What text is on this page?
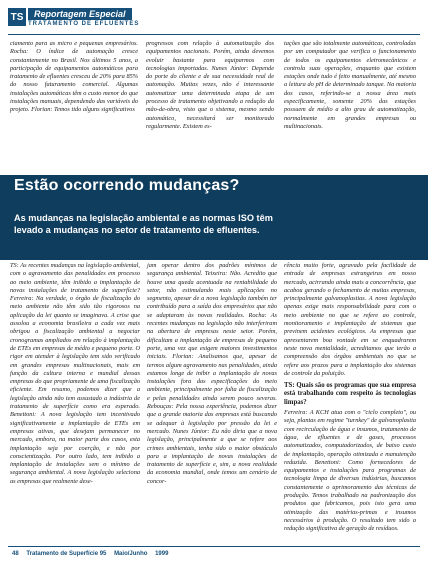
TS	Reportagem Especial
TRATAMENTO DE EFLUENTES

ciamento para as micro e pequenas empresários. Rocha: O índice de automação cresce constantemente no Brasil. Nos últimos 5 anos, a participação de equipamentos automáticos para tratamento de efluentes cresceu de 20% para 85% do nosso faturamento comercial. Algumas instalações automáticas têm o custo menor do que instalações manuais, dependendo das variáveis do projeto. Florian: Temos tido alguns significativos

progressos com relação à automatização dos equipamentos nacionais. Porém, ainda devemos evoluir bastante para equiparmos com tecnologias importadas. Nunes Júnior: Depende do porte do cliente e de sua necessidade real de automação. Muitas vezes, não é interessante automatizar uma determinada etapa de um processo de tratamento objetivando a redução da mão-de-obra, visto que o sistema, mesmo sendo automático, necessitará ser monitorado regularmente. Existem es-

tações que são totalmente automáticas, controladas por um computador que verifica o funcionamento de todos os equipamentos eletromecânicos e controla suas operações, enquanto que existem estações onde tudo é feito manualmente, até mesmo a leitura do pH de determinado tanque. Na maioria dos casos, referindo-se a nossa área mais especificamente, somente 20% das estações possuem de médio a alto grau de automatização, normalmente em grandes empresas ou multinacionais.

Estão ocorrendo mudanças?
As mudanças na legislação ambiental e as normas ISO têm levado a mudanças no setor de tratamento de efluentes.

TS: As recentes mudanças na legislação ambiental, com o agravamento das penalidades em processo ao meio ambiente, têm inibido a implantação de novas instalações de tratamento de superfície? Ferreira: Na verdade, o órgão de fiscalização do meio ambiente não têm sido tão rigorosos na aplicação da lei quanto se imaginava. A crise que assolou a economia brasileira a cada vez mais obrigou a fiscalização ambiental a negociar cronogramas ampliados em relação à implantação de ETEs em empresas de médio e pequeno porte. O rigor em atender à legislação tem sido verificado em grandes empresas multinacionais, mais em função da cultura interna e mundial dessas empresas do que propriamente de uma fiscalização eficiente. Em resumo, podemos dizer que a legislação ainda não tem assustado a indústria de tratamento de superfície como era esperado. Benettoni: A nova legislação tem incentivado significativamente a implantação de ETEs em empresas ativas, que desejam permanecer no mercado, embora, na maior parte dos casos, esta implantação seja por coerção, e não por conscientização. Por outro lado, tem inibido a implantação de instalações sem o mínimo de segurança ambiental. A nova legislação seleciona as empresas que realmente dese-

jam operar dentro dos padrões mínimos de segurança ambiental. Teixeira: Não. Acredito que houve uma queda acentuada na rentabilidade do setor, não estimulando mais aplicações no segmento, apesar de a nova legislação também ter contribuído para a saída dos empresários que não se adaptaram às novas realidades. Rocha: As recentes mudanças na legislação não interferiram na abertura de empresas neste setor. Porém, dificultam a implantação de empresas de pequeno porte, uma vez que exigem maiores investimentos iniciais. Florian: Analisamos que, apesar de termos algum agravamento nas penalidades, ainda estamos longe de inibir a implantação de novas instalações fora das especificações do meio ambiente, principalmente por falta de fiscalização e pelas penalidades ainda serem pouco severas. Rebouças: Pela nossa experiência, podemos dizer que a grande maioria das empresas está buscando se adequar à legislação por pressão da lei e mercado. Nunes Júnior: Eu não diria que a nova legislação, principalmente a que se refere aos crimes ambientais, tenha sido o maior obstáculo para a implantação de novas instalações de tratamento de superfície e, sim, a nova realidade da economia mundial, onde temos um cenário de concor-

rência muito forte, agravado pela facilidade de entrada de empresas estrangeiras em nosso mercado, acirrando ainda mais a concorrência, que acabou gerando o fechamento de muitas empresas, principalmente galvanoplastias. A nova legislação apenas exige mais responsabilidade para com o meio ambiente no que se refere ao controle, monitoramento e implantação de sistemas que previnem acidentes ecológicos. As empresas que apresentarem boa vontade em se enquadrarem neste nova mentalidade, acreditamos que terão a compreensão dos órgãos ambientais no que se refere aos prazos para a implantação dos sistemas de controle da poluição.

TS: Quais são os programas que sua empresa está trabalhando com respeito às tecnologias limpas?

Ferreira: A KCH atua com o "ciclo completo", ou seja, plantas em regime "turnkey" de galvanoplastia com recirculação de água e insumos, tratamento de água, de efluentes e de gases, processos automatizados, computadorizados, de baixo custo de implantação, operação otimizada e manutenção reduzida. Benettoni: Como fornecedores de equipamentos e instalações para programas de tecnologia limpa de diversas indústrias, buscamos constantemente o aprimoramento das técnicas de produção. Temos trabalhado na padronização dos produtos que fabricamos, pois isto gera uma otimização das matérias-primas e insumos necessários à produção. O resultado tem sido a redução significativa de geração de resíduos.

48 Tratamento de Superfície 95 Maio/Junho 1999
